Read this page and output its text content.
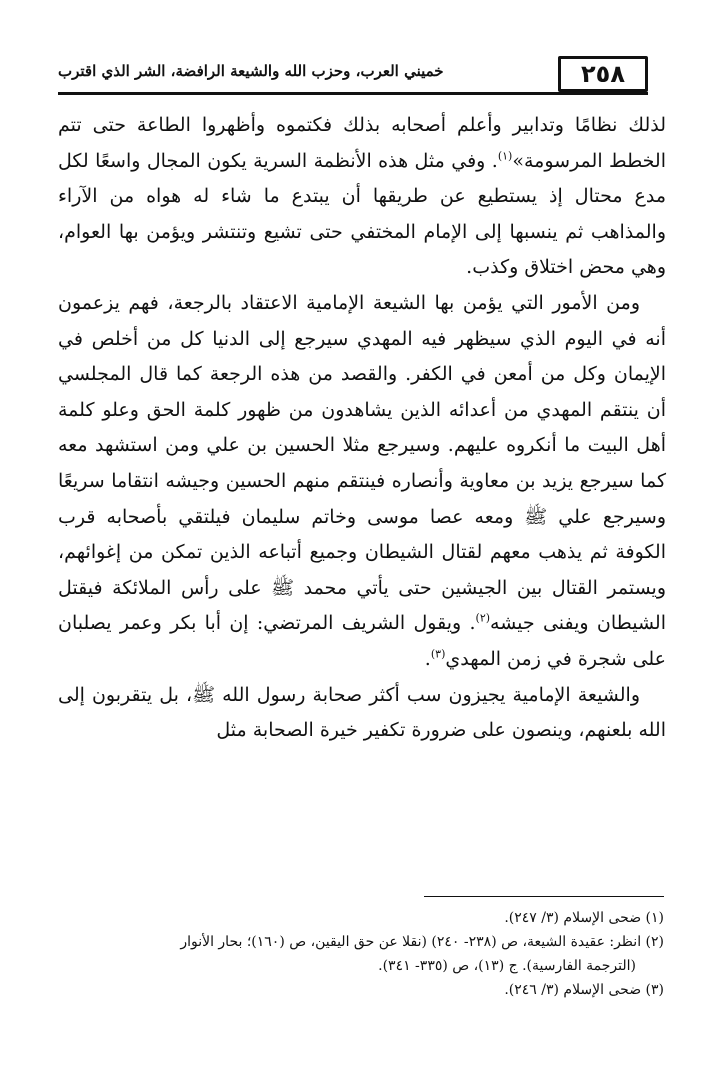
٢٥٨
خميني العرب، وحزب الله والشيعة الرافضة، الشر الذي اقترب

لذلك نظامًا وتدابير وأعلم أصحابه بذلك فكتموه وأظهروا الطاعة حتى تتم الخطط المرسومة»$^{(١)}$. وفي مثل هذه الأنظمة السرية يكون المجال واسعًا لكل مدع محتال إذ يستطيع عن طريقها أن يبتدع ما شاء له هواه من الآراء والمذاهب ثم ينسبها إلى الإمام المختفي حتى تشيع وتنتشر ويؤمن بها العوام، وهي محض اختلاق وكذب.

ومن الأمور التي يؤمن بها الشيعة الإمامية الاعتقاد بالرجعة، فهم يزعمون أنه في اليوم الذي سيظهر فيه المهدي سيرجع إلى الدنيا كل من أخلص في الإيمان وكل من أمعن في الكفر. والقصد من هذه الرجعة كما قال المجلسي أن ينتقم المهدي من أعدائه الذين يشاهدون من ظهور كلمة الحق وعلو كلمة أهل البيت ما أنكروه عليهم. وسيرجع مثلا الحسين بن علي ومن استشهد معه كما سيرجع يزيد بن معاوية وأنصاره فينتقم منهم الحسين وجيشه انتقاما سريعًا وسيرجع علي ﷺ ومعه عصا موسى وخاتم سليمان فيلتقي بأصحابه قرب الكوفة ثم يذهب معهم لقتال الشيطان وجميع أتباعه الذين تمكن من إغوائهم، ويستمر القتال بين الجيشين حتى يأتي محمد ﷺ على رأس الملائكة فيقتل الشيطان ويفنى جيشه$^{(٢)}$. ويقول الشريف المرتضي: إن أبا بكر وعمر يصلبان على شجرة في زمن المهدي$^{(٣)}$.

والشيعة الإمامية يجيزون سب أكثر صحابة رسول الله ﷺ، بل يتقربون إلى الله بلعنهم، وينصون على ضرورة تكفير خيرة الصحابة مثل

(١) ضحى الإسلام (٣/ ٢٤٧).

(٢) انظر: عقيدة الشيعة، ص (٢٣٨- ٢٤٠) (نقلا عن حق اليقين، ص (١٦٠)؛ بحار الأنوار

(الترجمة الفارسية). ج (١٣)، ص (٣٣٥- ٣٤١).

(٣) ضحى الإسلام (٣/ ٢٤٦).
